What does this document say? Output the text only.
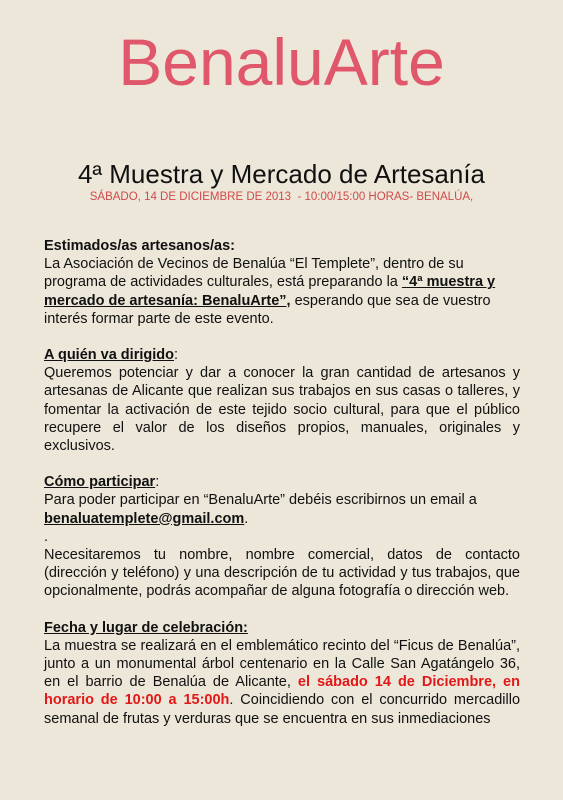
BenaluArte
4ª Muestra y Mercado de Artesanía
SÁBADO, 14 DE DICIEMBRE DE 2013  - 10:00/15:00 HORAS- BENALÚA,

Estimados/as artesanos/as:
La Asociación de Vecinos de Benalúa “El Templete”, dentro de su programa de actividades culturales, está preparando la “4ª muestra y mercado de artesanía: BenaluArte”, esperando que sea de vuestro interés formar parte de este evento.

A quién va dirigido:
Queremos potenciar y dar a conocer la gran cantidad de artesanos y artesanas de Alicante que realizan sus trabajos en sus casas o talleres, y fomentar la activación de este tejido socio cultural, para que el público recupere el valor de los diseños propios, manuales, originales y exclusivos.

Cómo participar:
Para poder participar en “BenaluArte” debéis escribirnos un email a benaluatemplete@gmail.com.

.

Necesitaremos tu nombre, nombre comercial, datos de contacto (dirección y teléfono) y una descripción de tu actividad y tus trabajos, que opcionalmente, podrás acompañar de alguna fotografía o dirección web.

Fecha y lugar de celebración:
La muestra se realizará en el emblemático recinto del “Ficus de Benalúa”, junto a un monumental árbol centenario en la Calle San Agatángelo 36, en el barrio de Benalúa de Alicante, el sábado 14 de Diciembre, en horario de 10:00 a 15:00h. Coincidiendo con el concurrido mercadillo semanal de frutas y verduras que se encuentra en sus inmediaciones
